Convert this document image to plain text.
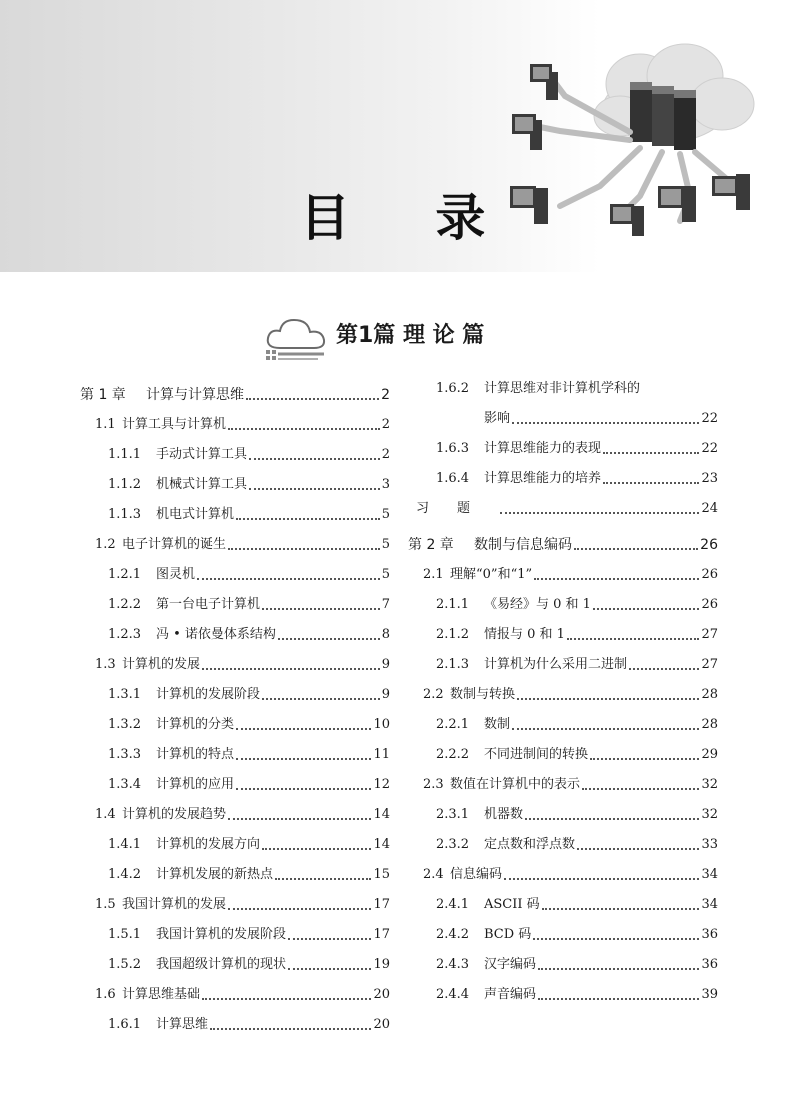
目 录
第1篇 理 论 篇
第 1 章	计算与计算思维	2
1.1 计算工具与计算机	2
1.1.1	手动式计算工具	2
1.1.2	机械式计算工具	3
1.1.3	机电式计算机	5
1.2 电子计算机的诞生	5
1.2.1	图灵机	5
1.2.2	第一台电子计算机	7
1.2.3	冯 • 诺依曼体系结构	8
1.3 计算机的发展	9
1.3.1	计算机的发展阶段	9
1.3.2	计算机的分类	10
1.3.3	计算机的特点	11
1.3.4	计算机的应用	12
1.4 计算机的发展趋势	14
1.4.1	计算机的发展方向	14
1.4.2	计算机发展的新热点	15
1.5 我国计算机的发展	17
1.5.1	我国计算机的发展阶段	17
1.5.2	我国超级计算机的现状	19
1.6 计算思维基础	20
1.6.1	计算思维	20
1.6.2	计算思维对非计算机学科的
影响	22
1.6.3	计算思维能力的表现	22
1.6.4	计算思维能力的培养	23
习题	24
第 2 章	数制与信息编码	26
2.1 理解“0”和“1”	26
2.1.1	《易经》与 0 和 1	26
2.1.2	情报与 0 和 1	27
2.1.3	计算机为什么采用二进制	27
2.2 数制与转换	28
2.2.1	数制	28
2.2.2	不同进制间的转换	29
2.3 数值在计算机中的表示	32
2.3.1	机器数	32
2.3.2	定点数和浮点数	33
2.4 信息编码	34
2.4.1	ASCII 码	34
2.4.2	BCD 码	36
2.4.3	汉字编码	36
2.4.4	声音编码	39
